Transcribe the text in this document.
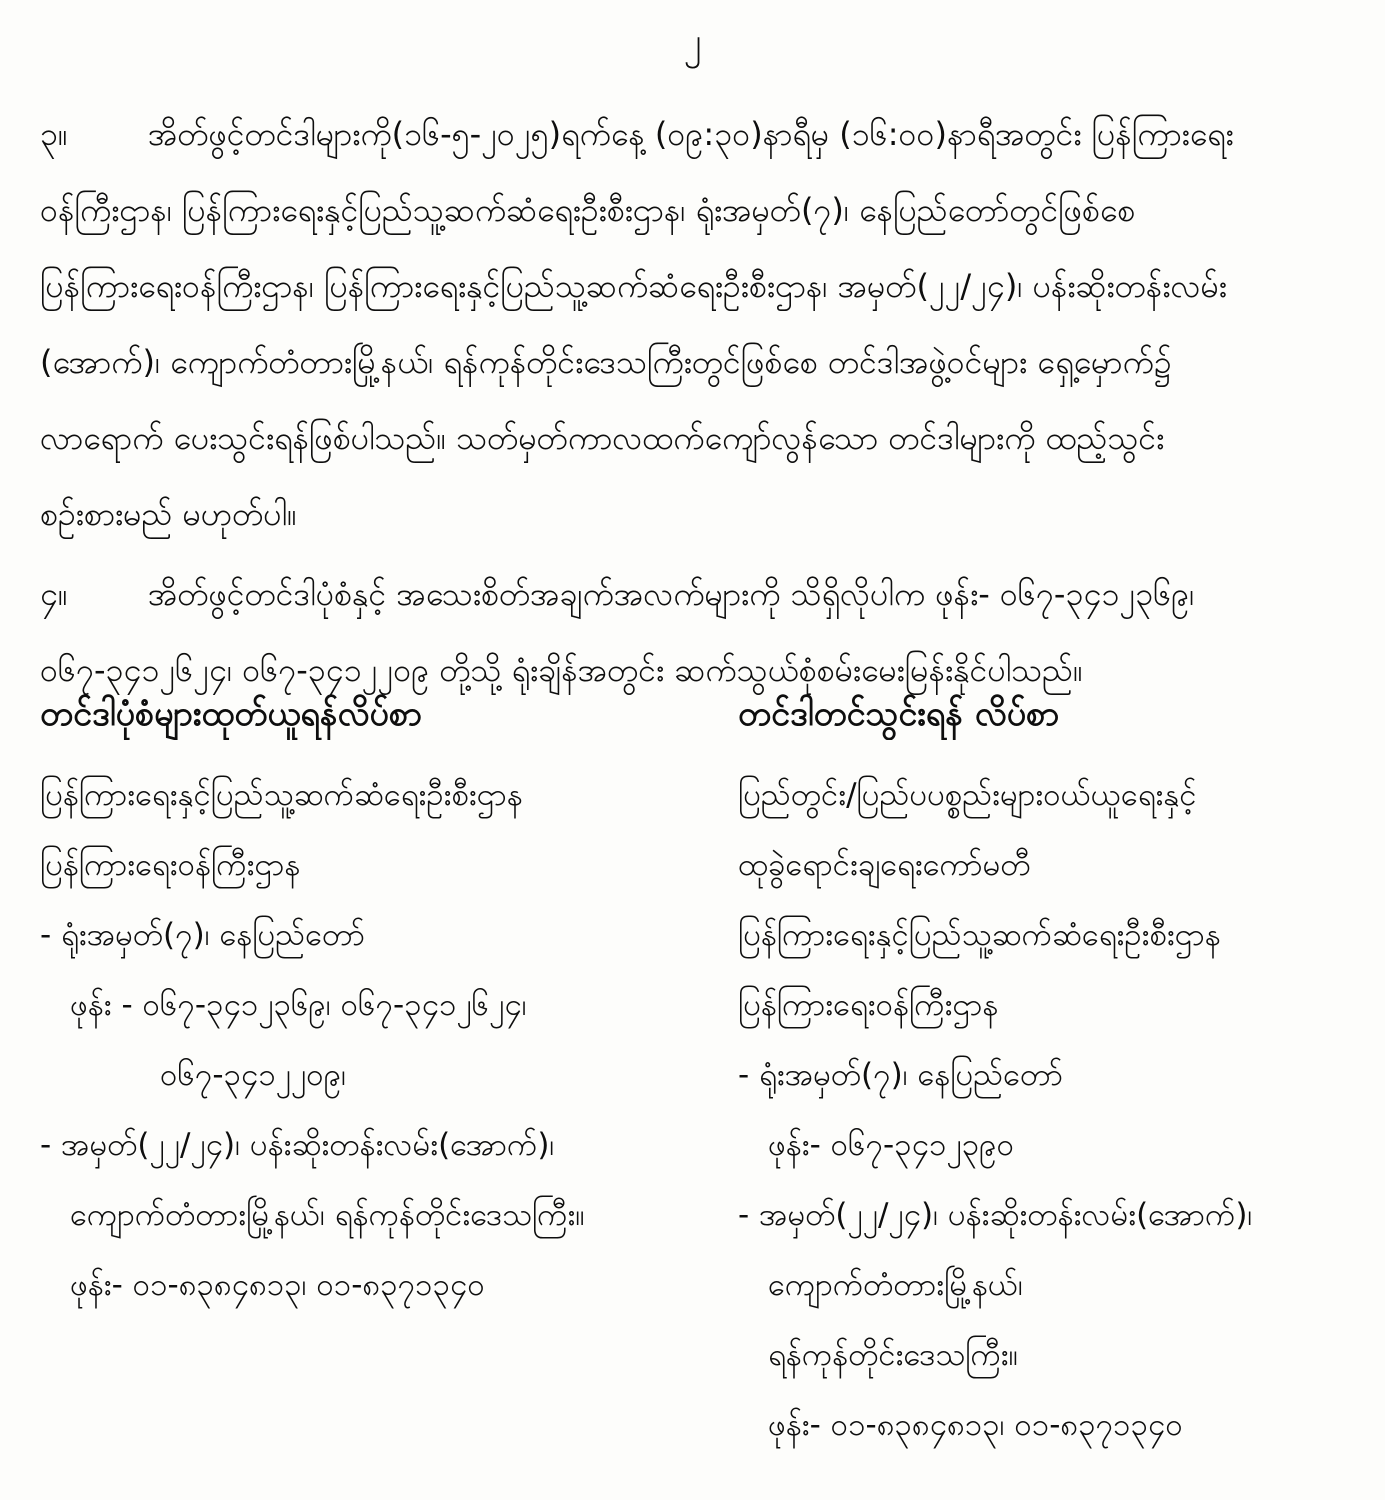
၂
၃။	အိတ်ဖွင့်တင်ဒါများကို(၁၆-၅-၂၀၂၅)ရက်နေ့ (၀၉:၃၀)နာရီမှ (၁၆:၀၀)နာရီအတွင်း ပြန်ကြားရေး
ဝန်ကြီးဌာန၊ ပြန်ကြားရေးနှင့်ပြည်သူ့ဆက်ဆံရေးဦးစီးဌာန၊ ရုံးအမှတ်(၇)၊ နေပြည်တော်တွင်ဖြစ်စေ
ပြန်ကြားရေးဝန်ကြီးဌာန၊ ပြန်ကြားရေးနှင့်ပြည်သူ့ဆက်ဆံရေးဦးစီးဌာန၊ အမှတ်(၂၂/၂၄)၊ ပန်းဆိုးတန်းလမ်း
(အောက်)၊ ကျောက်တံတားမြို့နယ်၊ ရန်ကုန်တိုင်းဒေသကြီးတွင်ဖြစ်စေ တင်ဒါအဖွဲ့ဝင်များ ရှေ့မှောက်၌
လာရောက် ပေးသွင်းရန်ဖြစ်ပါသည်။ သတ်မှတ်ကာလထက်ကျော်လွန်သော တင်ဒါများကို ထည့်သွင်း
စဉ်းစားမည် မဟုတ်ပါ။
၄။	အိတ်ဖွင့်တင်ဒါပုံစံနှင့် အသေးစိတ်အချက်အလက်များကို သိရှိလိုပါက ဖုန်း- ၀၆၇-၃၄၁၂၃၆၉၊
၀၆၇-၃၄၁၂၆၂၄၊ ၀၆၇-၃၄၁၂၂၀၉ တို့သို့ ရုံးချိန်အတွင်း ဆက်သွယ်စုံစမ်းမေးမြန်းနိုင်ပါသည်။
တင်ဒါပုံစံများထုတ်ယူရန်လိပ်စာ
ပြန်ကြားရေးနှင့်ပြည်သူ့ဆက်ဆံရေးဦးစီးဌာန
ပြန်ကြားရေးဝန်ကြီးဌာန
- ရုံးအမှတ်(၇)၊ နေပြည်တော်
ဖုန်း - ၀၆၇-၃၄၁၂၃၆၉၊ ၀၆၇-၃၄၁၂၆၂၄၊
၀၆၇-၃၄၁၂၂၀၉၊
- အမှတ်(၂၂/၂၄)၊ ပန်းဆိုးတန်းလမ်း(အောက်)၊
ကျောက်တံတားမြို့နယ်၊ ရန်ကုန်တိုင်းဒေသကြီး။
ဖုန်း- ၀၁-၈၃၈၄၈၁၃၊ ၀၁-၈၃၇၁၃၄၀
တင်ဒါတင်သွင်းရန် လိပ်စာ
ပြည်တွင်း/ပြည်ပပစ္စည်းများဝယ်ယူရေးနှင့်
ထုခွဲရောင်းချရေးကော်မတီ
ပြန်ကြားရေးနှင့်ပြည်သူ့ဆက်ဆံရေးဦးစီးဌာန
ပြန်ကြားရေးဝန်ကြီးဌာန
- ရုံးအမှတ်(၇)၊ နေပြည်တော်
ဖုန်း- ၀၆၇-၃၄၁၂၃၉၀
- အမှတ်(၂၂/၂၄)၊ ပန်းဆိုးတန်းလမ်း(အောက်)၊
ကျောက်တံတားမြို့နယ်၊
ရန်ကုန်တိုင်းဒေသကြီး။
ဖုန်း- ၀၁-၈၃၈၄၈၁၃၊ ၀၁-၈၃၇၁၃၄၀
